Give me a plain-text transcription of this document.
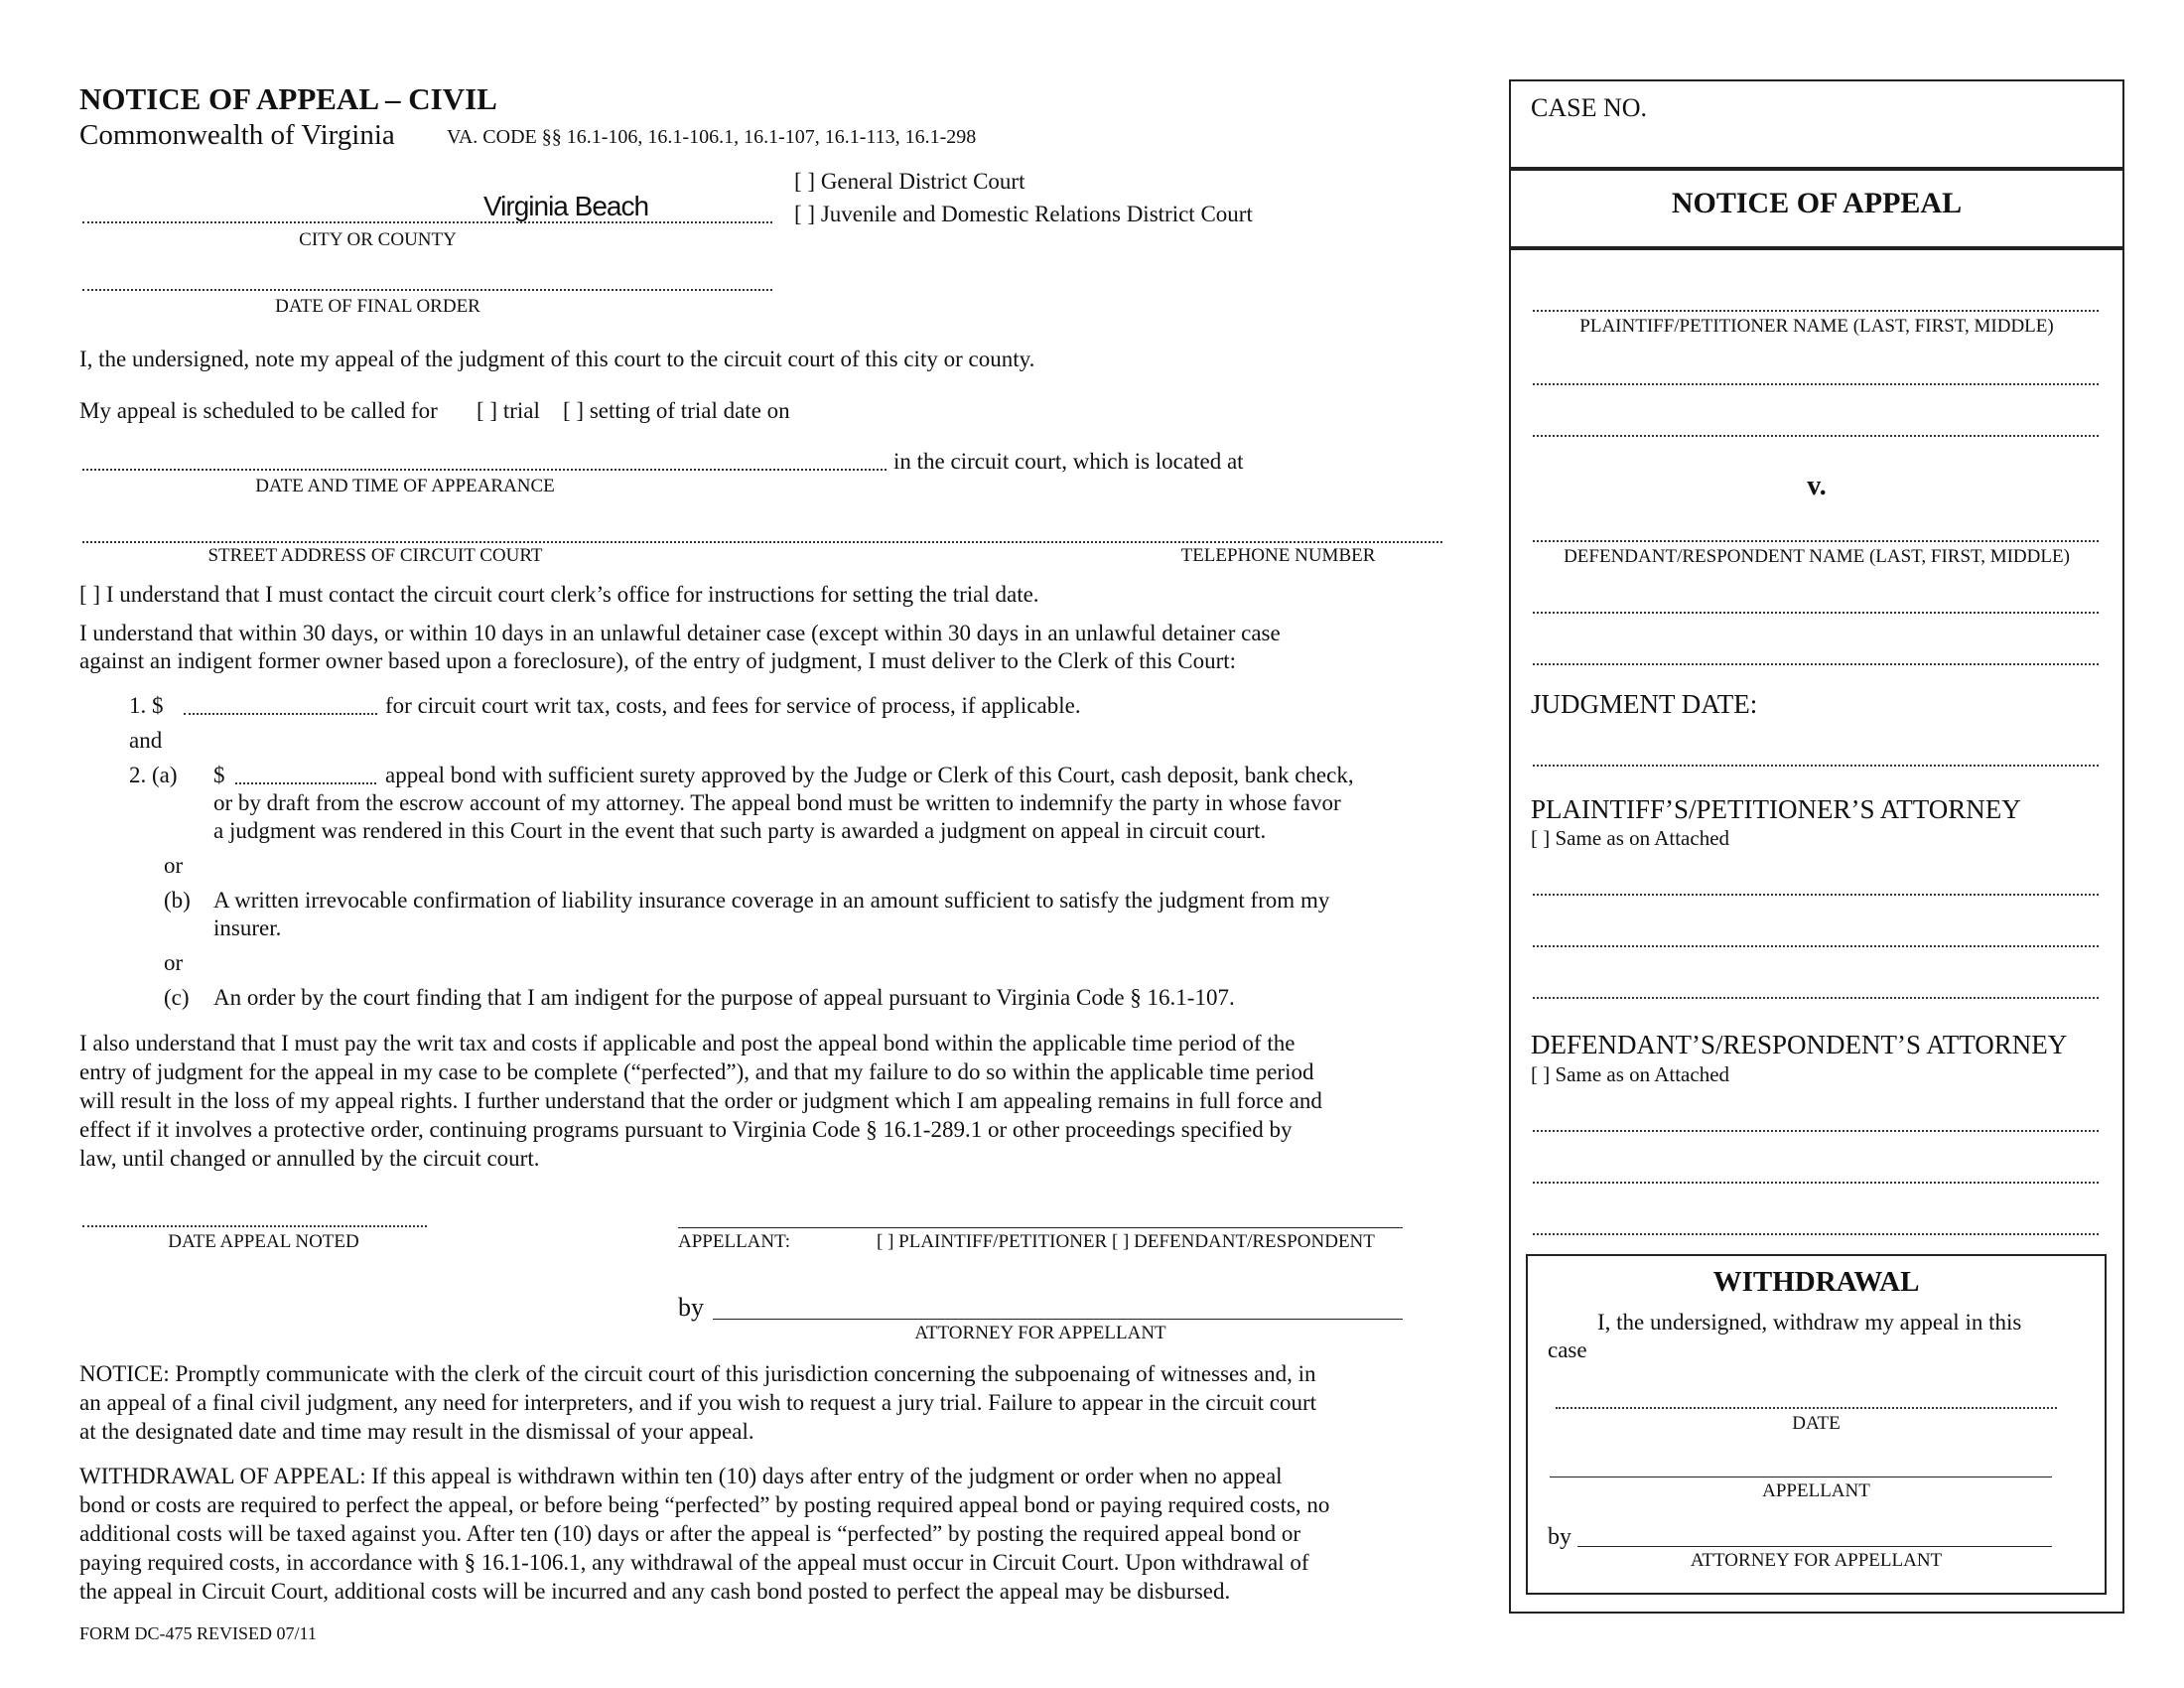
NOTICE OF APPEAL – CIVIL
Commonwealth of Virginia	VA. CODE §§ 16.1-106, 16.1-106.1, 16.1-107, 16.1-113, 16.1-298
[ ] General District Court
[ ] Juvenile and Domestic Relations District Court
Virginia Beach
CITY OR COUNTY
DATE OF FINAL ORDER
I, the undersigned, note my appeal of the judgment of this court to the circuit court of this city or county.
My appeal is scheduled to be called for [ ] trial [ ] setting of trial date on
in the circuit court, which is located at
DATE AND TIME OF APPEARANCE
STREET ADDRESS OF CIRCUIT COURT	TELEPHONE NUMBER
[ ] I understand that I must contact the circuit court clerk’s office for instructions for setting the trial date.
I understand that within 30 days, or within 10 days in an unlawful detainer case (except within 30 days in an unlawful detainer case
against an indigent former owner based upon a foreclosure), of the entry of judgment, I must deliver to the Clerk of this Court:
1. $	for circuit court writ tax, costs, and fees for service of process, if applicable.
and
2. (a) $	appeal bond with sufficient surety approved by the Judge or Clerk of this Court, cash deposit, bank check,
or by draft from the escrow account of my attorney. The appeal bond must be written to indemnify the party in whose favor
a judgment was rendered in this Court in the event that such party is awarded a judgment on appeal in circuit court.
or
(b) A written irrevocable confirmation of liability insurance coverage in an amount sufficient to satisfy the judgment from my
insurer.
or
(c) An order by the court finding that I am indigent for the purpose of appeal pursuant to Virginia Code § 16.1-107.
I also understand that I must pay the writ tax and costs if applicable and post the appeal bond within the applicable time period of the
entry of judgment for the appeal in my case to be complete (“perfected”), and that my failure to do so within the applicable time period
will result in the loss of my appeal rights. I further understand that the order or judgment which I am appealing remains in full force and
effect if it involves a protective order, continuing programs pursuant to Virginia Code § 16.1-289.1 or other proceedings specified by
law, until changed or annulled by the circuit court.
DATE APPEAL NOTED	APPELLANT:	[ ] PLAINTIFF/PETITIONER [ ] DEFENDANT/RESPONDENT
by
ATTORNEY FOR APPELLANT
NOTICE: Promptly communicate with the clerk of the circuit court of this jurisdiction concerning the subpoenaing of witnesses and, in
an appeal of a final civil judgment, any need for interpreters, and if you wish to request a jury trial. Failure to appear in the circuit court
at the designated date and time may result in the dismissal of your appeal.
WITHDRAWAL OF APPEAL: If this appeal is withdrawn within ten (10) days after entry of the judgment or order when no appeal
bond or costs are required to perfect the appeal, or before being “perfected” by posting required appeal bond or paying required costs, no
additional costs will be taxed against you. After ten (10) days or after the appeal is “perfected” by posting the required appeal bond or
paying required costs, in accordance with § 16.1-106.1, any withdrawal of the appeal must occur in Circuit Court. Upon withdrawal of
the appeal in Circuit Court, additional costs will be incurred and any cash bond posted to perfect the appeal may be disbursed.
FORM DC-475 REVISED 07/11
CASE NO.
NOTICE OF APPEAL
PLAINTIFF/PETITIONER NAME (LAST, FIRST, MIDDLE)
v.
DEFENDANT/RESPONDENT NAME (LAST, FIRST, MIDDLE)
JUDGMENT DATE:
PLAINTIFF’S/PETITIONER’S ATTORNEY
[ ] Same as on Attached
DEFENDANT’S/RESPONDENT’S ATTORNEY
[ ] Same as on Attached
WITHDRAWAL
I, the undersigned, withdraw my appeal in this
case
DATE
APPELLANT
by
ATTORNEY FOR APPELLANT
